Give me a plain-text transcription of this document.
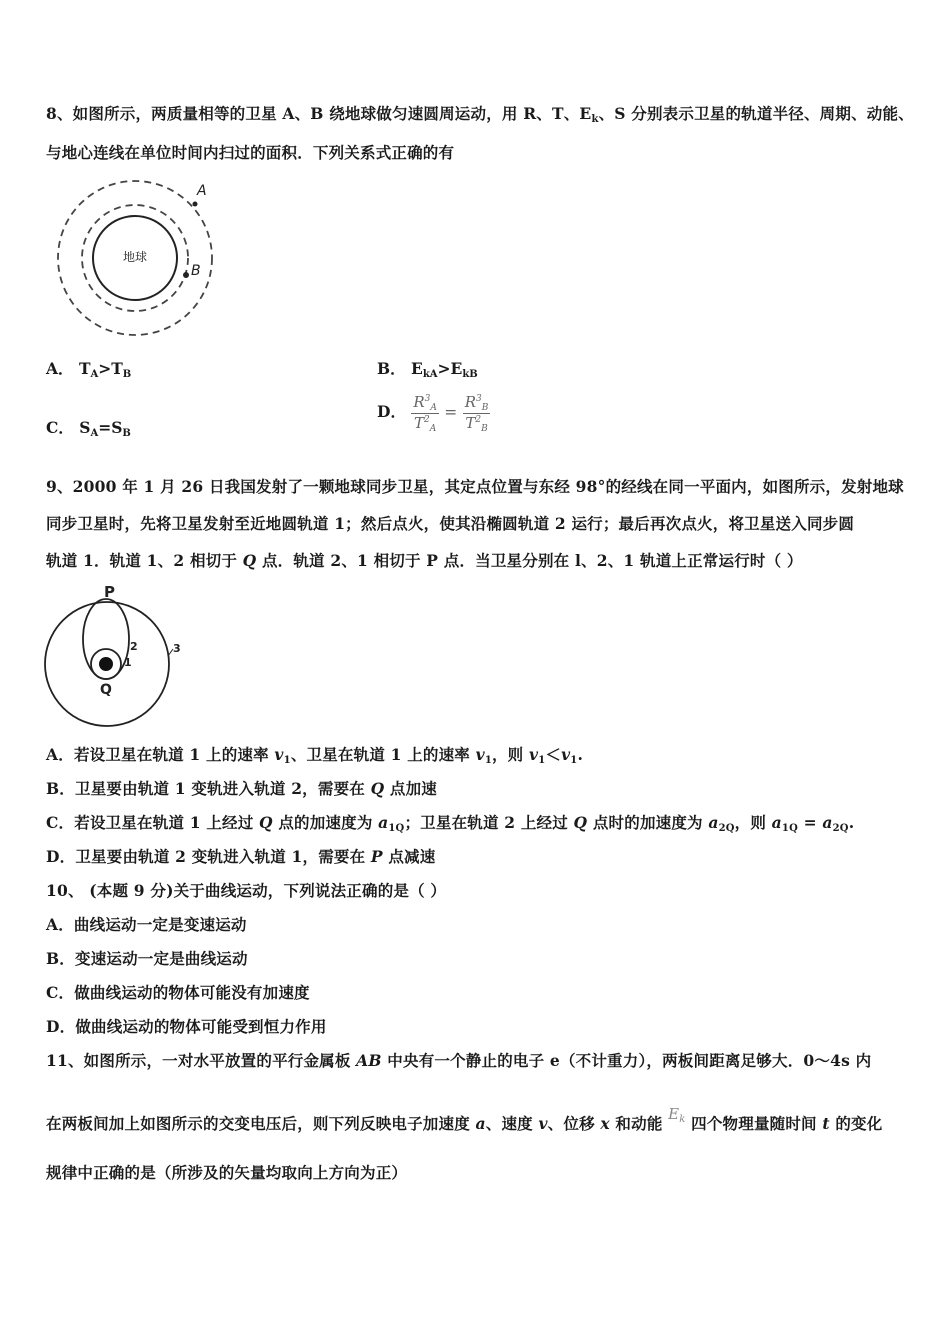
8、如图所示，两质量相等的卫星 A、B 绕地球做匀速圆周运动，用 R、T、$E_k$、S 分别表示卫星的轨道半径、周期、动能、
与地心连线在单位时间内扫过的面积．下列关系式正确的有
地球
A
B
A． $T_A>T_B$	B． $E_{kA}>E_{kB}$
C． $S_A=S_B$
D． $\frac{R^3_A}{T^2_A} = \frac{R^3_B}{T^2_B}$
9、2000 年 1 月 26 日我国发射了一颗地球同步卫星，其定点位置与东经 98°的经线在同一平面内，如图所示，发射地球
同步卫星时，先将卫星发射至近地圆轨道 1；然后点火，使其沿椭圆轨道 2 运行；最后再次点火，将卫星送入同步圆
轨道 1．轨道 1、2 相切于 Q 点．轨道 2、1 相切于 P 点．当卫星分别在 l、2、1 轨道上正常运行时（ ）
P
Q
1
2	3
A．若设卫星在轨道 1 上的速率 $v_1$、卫星在轨道 1 上的速率 $v_1$，则 $v_1<v_1$.
B．卫星要由轨道 1 变轨进入轨道 2，需要在 Q 点加速
C．若设卫星在轨道 1 上经过 Q 点的加速度为 $a_{1Q}$；卫星在轨道 2 上经过 Q 点时的加速度为 $a_{2Q}$，则 $a_{1Q} = a_{2Q}$.
D．卫星要由轨道 2 变轨进入轨道 1，需要在 P 点减速
10、 (本题 9 分)关于曲线运动，下列说法正确的是（ ）
A．曲线运动一定是变速运动
B．变速运动一定是曲线运动
C．做曲线运动的物体可能没有加速度
D．做曲线运动的物体可能受到恒力作用
11、如图所示，一对水平放置的平行金属板 AB 中央有一个静止的电子 e（不计重力），两板间距离足够大．0～4s 内
在两板间加上如图所示的交变电压后，则下列反映电子加速度 a、速度 v、位移 x 和动能 $E_k$ 四个物理量随时间 t 的变化
规律中正确的是（所涉及的矢量均取向上方向为正）
